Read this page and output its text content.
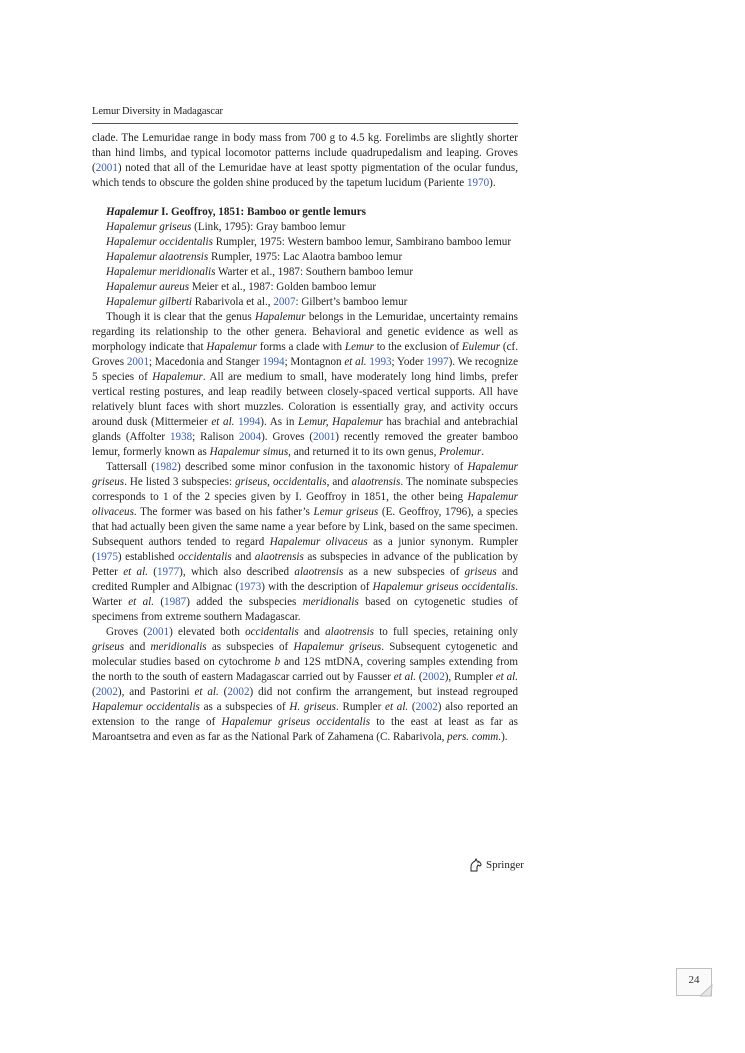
Lemur Diversity in Madagascar

clade. The Lemuridae range in body mass from 700 g to 4.5 kg. Forelimbs are slightly shorter than hind limbs, and typical locomotor patterns include quadrupedalism and leaping. Groves (2001) noted that all of the Lemuridae have at least spotty pigmentation of the ocular fundus, which tends to obscure the golden shine produced by the tapetum lucidum (Pariente 1970).

Hapalemur I. Geoffroy, 1851: Bamboo or gentle lemurs
Hapalemur griseus (Link, 1795): Gray bamboo lemur
Hapalemur occidentalis Rumpler, 1975: Western bamboo lemur, Sambirano bamboo lemur
Hapalemur alaotrensis Rumpler, 1975: Lac Alaotra bamboo lemur
Hapalemur meridionalis Warter et al., 1987: Southern bamboo lemur
Hapalemur aureus Meier et al., 1987: Golden bamboo lemur
Hapalemur gilberti Rabarivola et al., 2007: Gilbert’s bamboo lemur

Though it is clear that the genus Hapalemur belongs in the Lemuridae, uncertainty remains regarding its relationship to the other genera. Behavioral and genetic evidence as well as morphology indicate that Hapalemur forms a clade with Lemur to the exclusion of Eulemur (cf. Groves 2001; Macedonia and Stanger 1994; Montagnon et al. 1993; Yoder 1997). We recognize 5 species of Hapalemur. All are medium to small, have moderately long hind limbs, prefer vertical resting postures, and leap readily between closely-spaced vertical supports. All have relatively blunt faces with short muzzles. Coloration is essentially gray, and activity occurs around dusk (Mittermeier et al. 1994). As in Lemur, Hapalemur has brachial and antebrachial glands (Affolter 1938; Ralison 2004). Groves (2001) recently removed the greater bamboo lemur, formerly known as Hapalemur simus, and returned it to its own genus, Prolemur.

Tattersall (1982) described some minor confusion in the taxonomic history of Hapalemur griseus. He listed 3 subspecies: griseus, occidentalis, and alaotrensis. The nominate subspecies corresponds to 1 of the 2 species given by I. Geoffroy in 1851, the other being Hapalemur olivaceus. The former was based on his father’s Lemur griseus (E. Geoffroy, 1796), a species that had actually been given the same name a year before by Link, based on the same specimen. Subsequent authors tended to regard Hapalemur olivaceus as a junior synonym. Rumpler (1975) established occidentalis and alaotrensis as subspecies in advance of the publication by Petter et al. (1977), which also described alaotrensis as a new subspecies of griseus and credited Rumpler and Albignac (1973) with the description of Hapalemur griseus occidentalis. Warter et al. (1987) added the subspecies meridionalis based on cytogenetic studies of specimens from extreme southern Madagascar.

Groves (2001) elevated both occidentalis and alaotrensis to full species, retaining only griseus and meridionalis as subspecies of Hapalemur griseus. Subsequent cytogenetic and molecular studies based on cytochrome b and 12S mtDNA, covering samples extending from the north to the south of eastern Madagascar carried out by Fausser et al. (2002), Rumpler et al. (2002), and Pastorini et al. (2002) did not confirm the arrangement, but instead regrouped Hapalemur occidentalis as a subspecies of H. griseus. Rumpler et al. (2002) also reported an extension to the range of Hapalemur griseus occidentalis to the east at least as far as Maroantsetra and even as far as the National Park of Zahamena (C. Rabarivola, pers. comm.).

Springer
24
